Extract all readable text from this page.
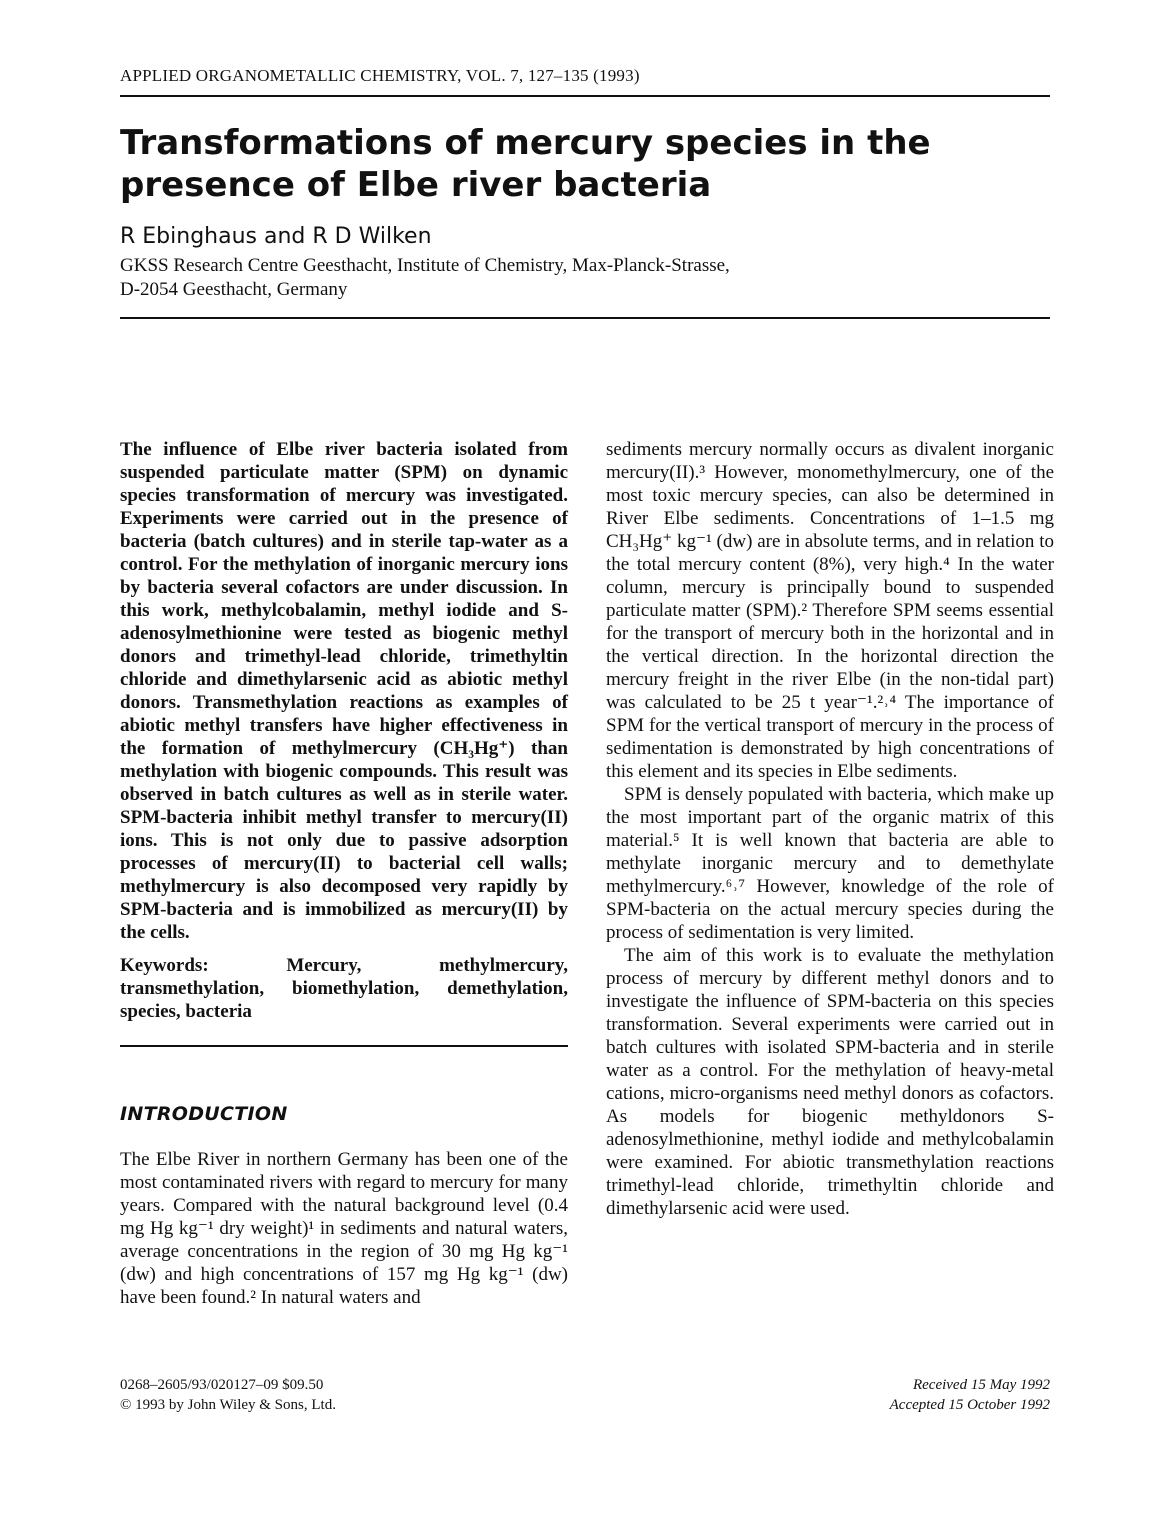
APPLIED ORGANOMETALLIC CHEMISTRY, VOL. 7, 127–135 (1993)
Transformations of mercury species in the presence of Elbe river bacteria
R Ebinghaus and R D Wilken
GKSS Research Centre Geesthacht, Institute of Chemistry, Max-Planck-Strasse,
D-2054 Geesthacht, Germany

The influence of Elbe river bacteria isolated from suspended particulate matter (SPM) on dynamic species transformation of mercury was investigated. Experiments were carried out in the presence of bacteria (batch cultures) and in sterile tap-water as a control. For the methylation of inorganic mercury ions by bacteria several cofactors are under discussion. In this work, methylcobalamin, methyl iodide and S-adenosylmethionine were tested as biogenic methyl donors and trimethyl-lead chloride, trimethyltin chloride and dimethylarsenic acid as abiotic methyl donors. Transmethylation reactions as examples of abiotic methyl transfers have higher effectiveness in the formation of methylmercury (CH₃Hg⁺) than methylation with biogenic compounds. This result was observed in batch cultures as well as in sterile water. SPM-bacteria inhibit methyl transfer to mercury(II) ions. This is not only due to passive adsorption processes of mercury(II) to bacterial cell walls; methylmercury is also decomposed very rapidly by SPM-bacteria and is immobilized as mercury(II) by the cells.

Keywords: Mercury, methylmercury, transmethylation, biomethylation, demethylation, species, bacteria

INTRODUCTION

The Elbe River in northern Germany has been one of the most contaminated rivers with regard to mercury for many years. Compared with the natural background level (0.4 mg Hg kg⁻¹ dry weight)¹ in sediments and natural waters, average concentrations in the region of 30 mg Hg kg⁻¹ (dw) and high concentrations of 157 mg Hg kg⁻¹ (dw) have been found.² In natural waters and

sediments mercury normally occurs as divalent inorganic mercury(II).³ However, monomethylmercury, one of the most toxic mercury species, can also be determined in River Elbe sediments. Concentrations of 1–1.5 mg CH₃Hg⁺ kg⁻¹ (dw) are in absolute terms, and in relation to the total mercury content (8%), very high.⁴ In the water column, mercury is principally bound to suspended particulate matter (SPM).² Therefore SPM seems essential for the transport of mercury both in the horizontal and in the vertical direction. In the horizontal direction the mercury freight in the river Elbe (in the non-tidal part) was calculated to be 25 t year⁻¹.²˒⁴ The importance of SPM for the vertical transport of mercury in the process of sedimentation is demonstrated by high concentrations of this element and its species in Elbe sediments.

SPM is densely populated with bacteria, which make up the most important part of the organic matrix of this material.⁵ It is well known that bacteria are able to methylate inorganic mercury and to demethylate methylmercury.⁶˒⁷ However, knowledge of the role of SPM-bacteria on the actual mercury species during the process of sedimentation is very limited.

The aim of this work is to evaluate the methylation process of mercury by different methyl donors and to investigate the influence of SPM-bacteria on this species transformation. Several experiments were carried out in batch cultures with isolated SPM-bacteria and in sterile water as a control. For the methylation of heavy-metal cations, micro-organisms need methyl donors as cofactors. As models for biogenic methyldonors S-adenosylmethionine, methyl iodide and methylcobalamin were examined. For abiotic transmethylation reactions trimethyl-lead chloride, trimethyltin chloride and dimethylarsenic acid were used.

0268–2605/93/020127–09 $09.50
© 1993 by John Wiley & Sons, Ltd.
Received 15 May 1992
Accepted 15 October 1992
